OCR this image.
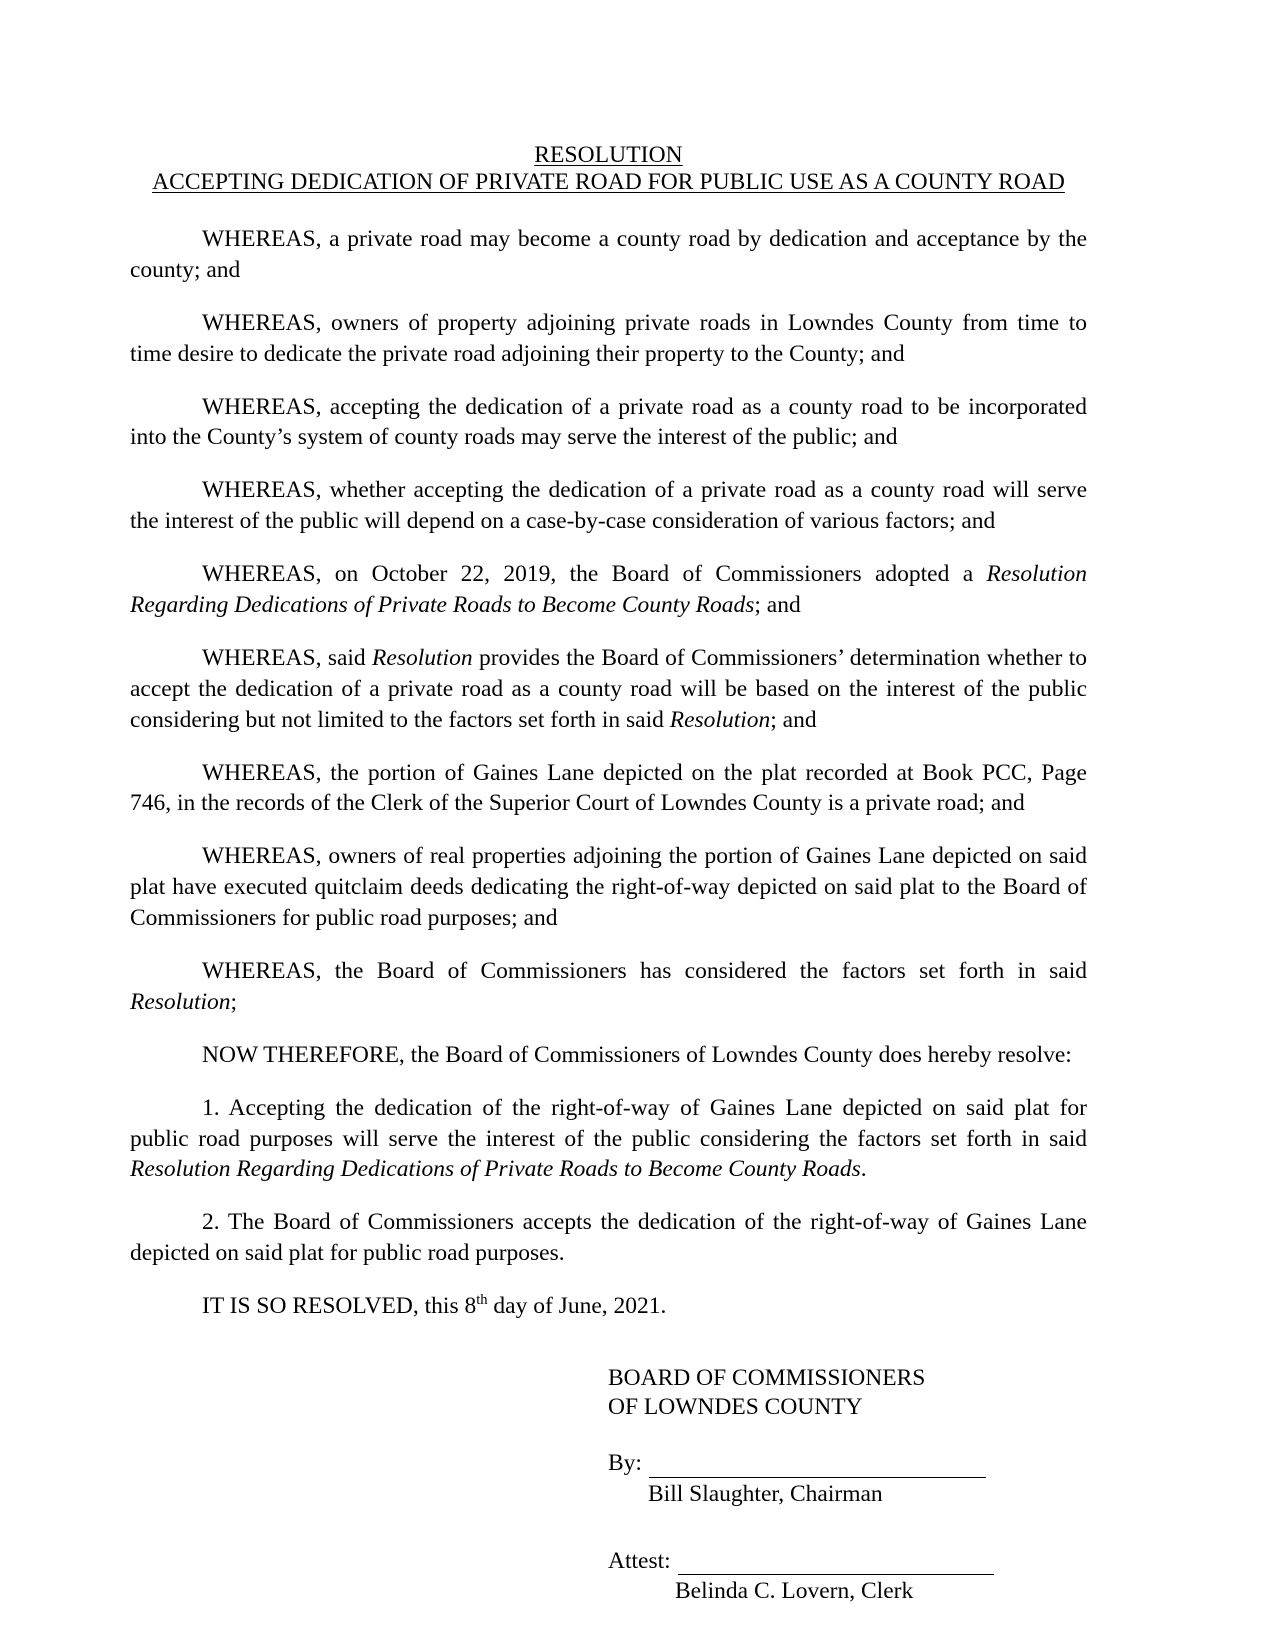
RESOLUTION
ACCEPTING DEDICATION OF PRIVATE ROAD FOR PUBLIC USE AS A COUNTY ROAD

WHEREAS, a private road may become a county road by dedication and acceptance by the county; and

WHEREAS, owners of property adjoining private roads in Lowndes County from time to time desire to dedicate the private road adjoining their property to the County; and

WHEREAS, accepting the dedication of a private road as a county road to be incorporated into the County’s system of county roads may serve the interest of the public; and

WHEREAS, whether accepting the dedication of a private road as a county road will serve the interest of the public will depend on a case-by-case consideration of various factors; and

WHEREAS, on October 22, 2019, the Board of Commissioners adopted a Resolution Regarding Dedications of Private Roads to Become County Roads; and

WHEREAS, said Resolution provides the Board of Commissioners’ determination whether to accept the dedication of a private road as a county road will be based on the interest of the public considering but not limited to the factors set forth in said Resolution; and

WHEREAS, the portion of Gaines Lane depicted on the plat recorded at Book PCC, Page 746, in the records of the Clerk of the Superior Court of Lowndes County is a private road; and

WHEREAS, owners of real properties adjoining the portion of Gaines Lane depicted on said plat have executed quitclaim deeds dedicating the right-of-way depicted on said plat to the Board of Commissioners for public road purposes; and

WHEREAS, the Board of Commissioners has considered the factors set forth in said Resolution;

NOW THEREFORE, the Board of Commissioners of Lowndes County does hereby resolve:

1. Accepting the dedication of the right-of-way of Gaines Lane depicted on said plat for public road purposes will serve the interest of the public considering the factors set forth in said Resolution Regarding Dedications of Private Roads to Become County Roads.

2. The Board of Commissioners accepts the dedication of the right-of-way of Gaines Lane depicted on said plat for public road purposes.

IT IS SO RESOLVED, this 8th day of June, 2021.

BOARD OF COMMISSIONERS
OF LOWNDES COUNTY
By:
Bill Slaughter, Chairman
Attest:
Belinda C. Lovern, Clerk
